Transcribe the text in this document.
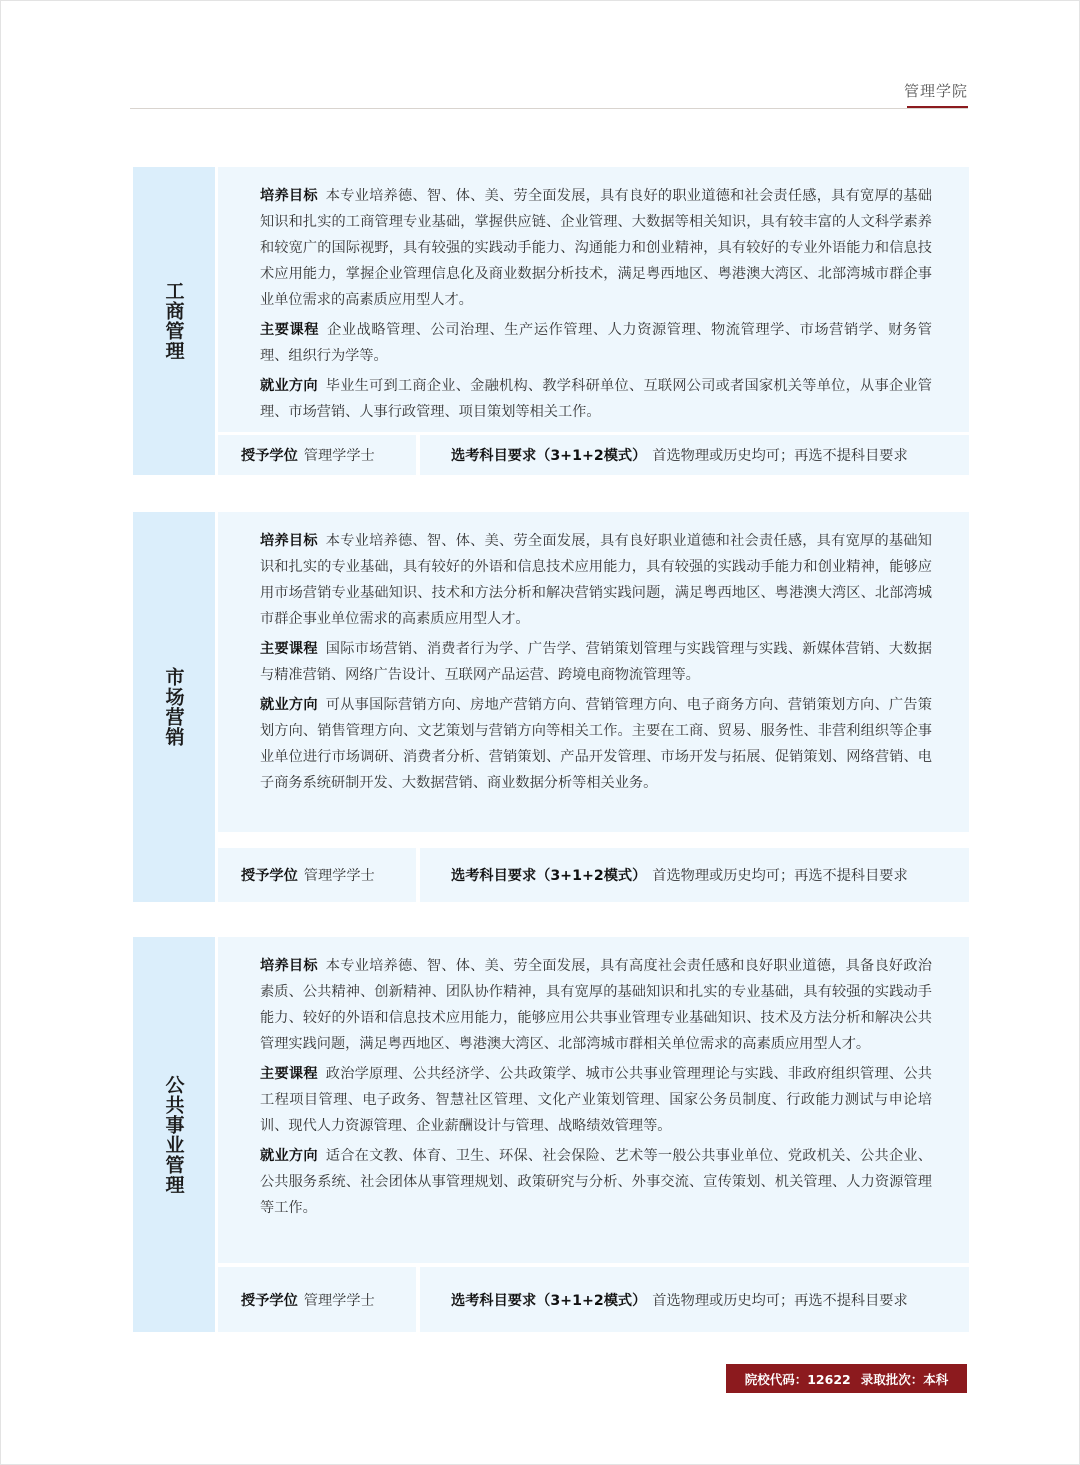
管理学院
工商管理

培养目标 本专业培养德、智、体、美、劳全面发展，具有良好的职业道德和社会责任感，具有宽厚的基础知识和扎实的工商管理专业基础，掌握供应链、企业管理、大数据等相关知识，具有较丰富的人文科学素养和较宽广的国际视野，具有较强的实践动手能力、沟通能力和创业精神，具有较好的专业外语能力和信息技术应用能力，掌握企业管理信息化及商业数据分析技术，满足粤西地区、粤港澳大湾区、北部湾城市群企事业单位需求的高素质应用型人才。

主要课程 企业战略管理、公司治理、生产运作管理、人力资源管理、物流管理学、市场营销学、财务管理、组织行为学等。

就业方向 毕业生可到工商企业、金融机构、教学科研单位、互联网公司或者国家机关等单位，从事企业管理、市场营销、人事行政管理、项目策划等相关工作。

授予学位 管理学学士	选考科目要求（3+1+2模式） 首选物理或历史均可；再选不提科目要求
市场营销

培养目标 本专业培养德、智、体、美、劳全面发展，具有良好职业道德和社会责任感，具有宽厚的基础知识和扎实的专业基础，具有较好的外语和信息技术应用能力，具有较强的实践动手能力和创业精神，能够应用市场营销专业基础知识、技术和方法分析和解决营销实践问题，满足粤西地区、粤港澳大湾区、北部湾城市群企事业单位需求的高素质应用型人才。

主要课程 国际市场营销、消费者行为学、广告学、营销策划管理与实践管理与实践、新媒体营销、大数据与精准营销、网络广告设计、互联网产品运营、跨境电商物流管理等。

就业方向 可从事国际营销方向、房地产营销方向、营销管理方向、电子商务方向、营销策划方向、广告策划方向、销售管理方向、文艺策划与营销方向等相关工作。主要在工商、贸易、服务性、非营利组织等企事业单位进行市场调研、消费者分析、营销策划、产品开发管理、市场开发与拓展、促销策划、网络营销、电子商务系统研制开发、大数据营销、商业数据分析等相关业务。

授予学位 管理学学士	选考科目要求（3+1+2模式） 首选物理或历史均可；再选不提科目要求
公共事业管理

培养目标 本专业培养德、智、体、美、劳全面发展，具有高度社会责任感和良好职业道德，具备良好政治素质、公共精神、创新精神、团队协作精神，具有宽厚的基础知识和扎实的专业基础，具有较强的实践动手能力、较好的外语和信息技术应用能力，能够应用公共事业管理专业基础知识、技术及方法分析和解决公共管理实践问题，满足粤西地区、粤港澳大湾区、北部湾城市群相关单位需求的高素质应用型人才。

主要课程 政治学原理、公共经济学、公共政策学、城市公共事业管理理论与实践、非政府组织管理、公共工程项目管理、电子政务、智慧社区管理、文化产业策划管理、国家公务员制度、行政能力测试与申论培训、现代人力资源管理、企业薪酬设计与管理、战略绩效管理等。

就业方向 适合在文教、体育、卫生、环保、社会保险、艺术等一般公共事业单位、党政机关、公共企业、公共服务系统、社会团体从事管理规划、政策研究与分析、外事交流、宣传策划、机关管理、人力资源管理等工作。

授予学位 管理学学士	选考科目要求（3+1+2模式） 首选物理或历史均可；再选不提科目要求
院校代码：12622 录取批次：本科
